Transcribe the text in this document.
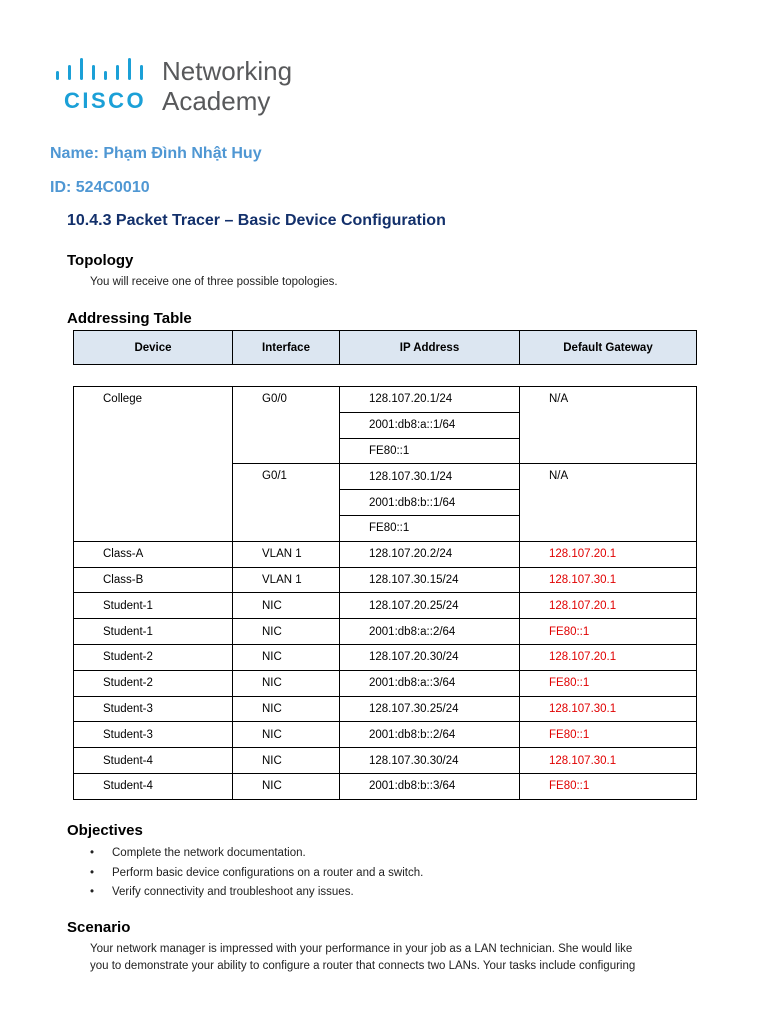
CISCO
Networking
Academy
Name: Phạm Đình Nhật Huy
ID: 524C0010
10.4.3 Packet Tracer – Basic Device Configuration
Topology
You will receive one of three possible topologies.
Addressing Table
Device	Interface	IP Address	Default Gateway
College	G0/0	128.107.20.1/24	N/A
		2001:db8:a::1/64	
		FE80::1	
	G0/1	128.107.30.1/24	N/A
		2001:db8:b::1/64	
		FE80::1	
Class-A	VLAN 1	128.107.20.2/24	128.107.20.1
Class-B	VLAN 1	128.107.30.15/24	128.107.30.1
Student-1	NIC	128.107.20.25/24	128.107.20.1
Student-1	NIC	2001:db8:a::2/64	FE80::1
Student-2	NIC	128.107.20.30/24	128.107.20.1
Student-2	NIC	2001:db8:a::3/64	FE80::1
Student-3	NIC	128.107.30.25/24	128.107.30.1
Student-3	NIC	2001:db8:b::2/64	FE80::1
Student-4	NIC	128.107.30.30/24	128.107.30.1
Student-4	NIC	2001:db8:b::3/64	FE80::1
Objectives
• Complete the network documentation.
• Perform basic device configurations on a router and a switch.
• Verify connectivity and troubleshoot any issues.
Scenario
Your network manager is impressed with your performance in your job as a LAN technician. She would like
you to demonstrate your ability to configure a router that connects two LANs. Your tasks include configuring
